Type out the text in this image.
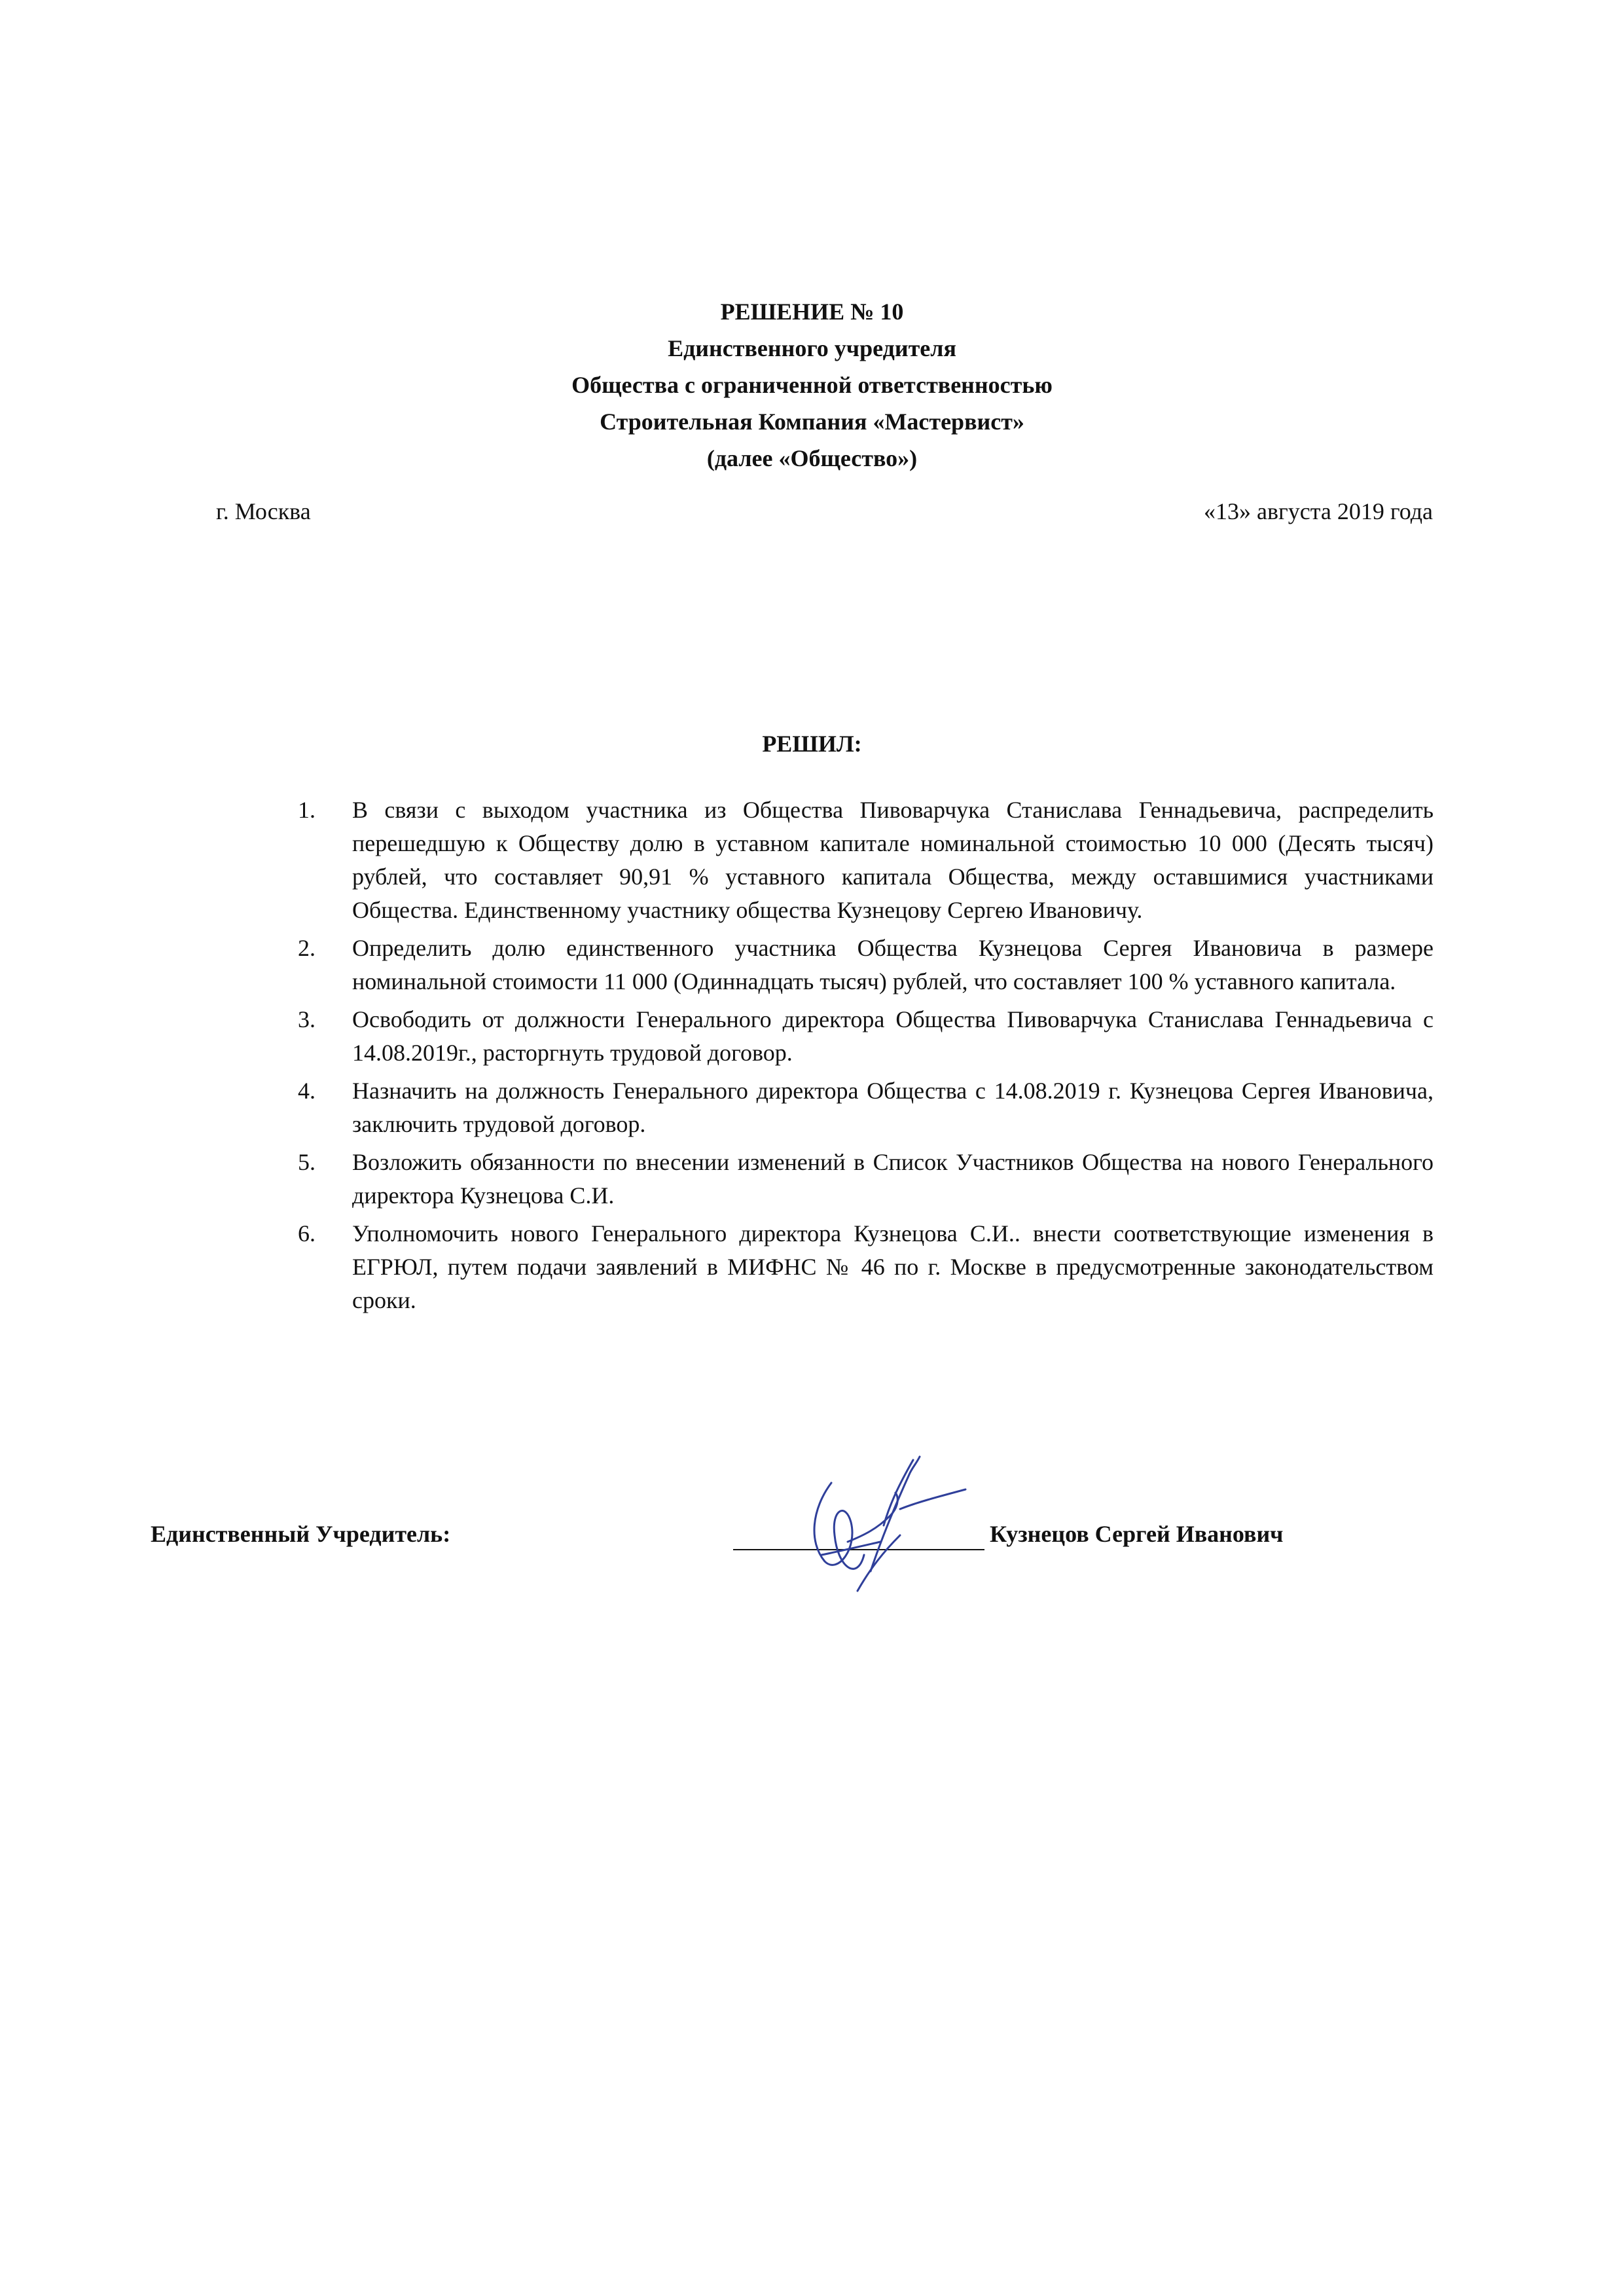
РЕШЕНИЕ № 10
Единственного учредителя
Общества с ограниченной ответственностью
Строительная Компания «Мастервист»
(далее «Общество»)
г. Москва	«13» августа 2019 года
РЕШИЛ:
1. В связи с выходом участника из Общества Пивоварчука Станислава Геннадьевича, распределить перешедшую к Обществу долю в уставном капитале номинальной стоимостью 10 000 (Десять тысяч) рублей, что составляет 90,91 % уставного капитала Общества, между оставшимися участниками Общества. Единственному участнику общества Кузнецову Сергею Ивановичу.
2. Определить долю единственного участника Общества Кузнецова Сергея Ивановича в размере номинальной стоимости 11 000 (Одиннадцать тысяч) рублей, что составляет 100 % уставного капитала.
3. Освободить от должности Генерального директора Общества Пивоварчука Станислава Геннадьевича с 14.08.2019г., расторгнуть трудовой договор.
4. Назначить на должность Генерального директора Общества с 14.08.2019 г. Кузнецова Сергея Ивановича, заключить трудовой договор.
5. Возложить обязанности по внесении изменений в Список Участников Общества на нового Генерального директора Кузнецова С.И.
6. Уполномочить нового Генерального директора Кузнецова С.И.. внести соответствующие изменения в ЕГРЮЛ, путем подачи заявлений в МИФНС № 46 по г. Москве в предусмотренные законодательством сроки.
Единственный Учредитель:	Кузнецов Сергей Иванович
